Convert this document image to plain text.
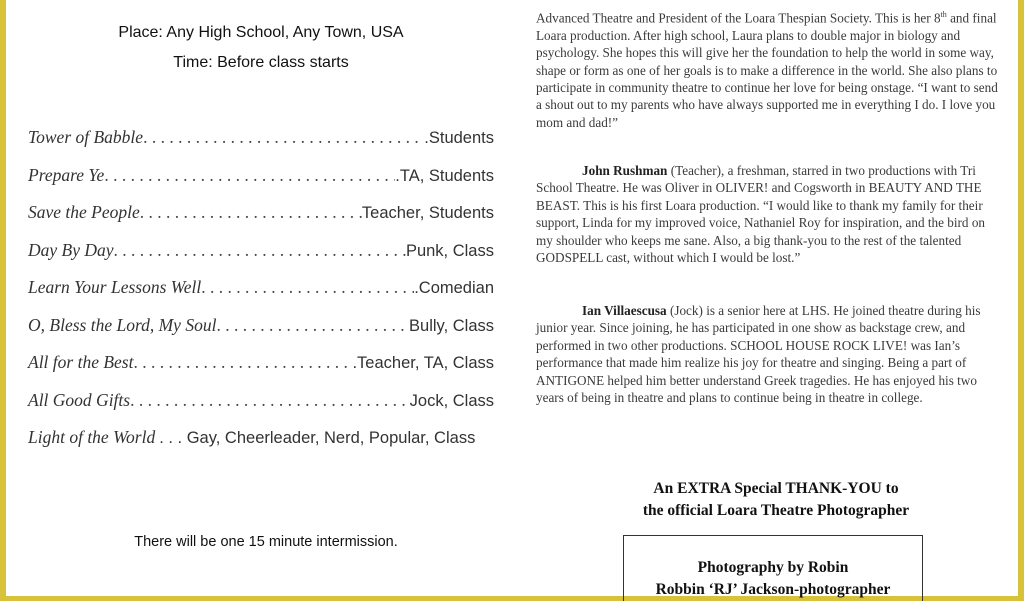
Place: Any High School, Any Town, USA
Time: Before class starts
Tower of Babble . . .	.Students
Prepare Ye . . .	.TA, Students
Save the People . . .	Teacher, Students
Day By Day . . .	Punk, Class
Learn Your Lessons Well . . .	.Comedian
O, Bless the Lord, My Soul . . .	Bully, Class
All for the Best . . .	.Teacher, TA, Class
All Good Gifts . . .	Jock, Class
Light of the World . . . Gay, Cheerleader, Nerd, Popular, Class
There will be one 15 minute intermission.

Advanced Theatre and President of the Loara Thespian Society. This is her 8th and final Loara production. After high school, Laura plans to double major in biology and psychology. She hopes this will give her the foundation to help the world in some way, shape or form as one of her goals is to make a difference in the world. She also plans to participate in community theatre to continue her love for being onstage. “I want to send a shout out to my parents who have always supported me in everything I do. I love you mom and dad!”

John Rushman (Teacher), a freshman, starred in two productions with Tri School Theatre. He was Oliver in OLIVER! and Cogsworth in BEAUTY AND THE BEAST. This is his first Loara production. “I would like to thank my family for their support, Linda for my improved voice, Nathaniel Roy for inspiration, and the bird on my shoulder who keeps me sane. Also, a big thank-you to the rest of the talented GODSPELL cast, without which I would be lost.”

Ian Villaescusa (Jock) is a senior here at LHS. He joined theatre during his junior year. Since joining, he has participated in one show as backstage crew, and performed in two other productions. SCHOOL HOUSE ROCK LIVE! was Ian’s performance that made him realize his joy for theatre and singing. Being a part of ANTIGONE helped him better understand Greek tragedies. He has enjoyed his two years of being in theatre and plans to continue being in theatre in college.

An EXTRA Special THANK-YOU to
the official Loara Theatre Photographer
Photography by Robin
Robbin ‘RJ’ Jackson-photographer
